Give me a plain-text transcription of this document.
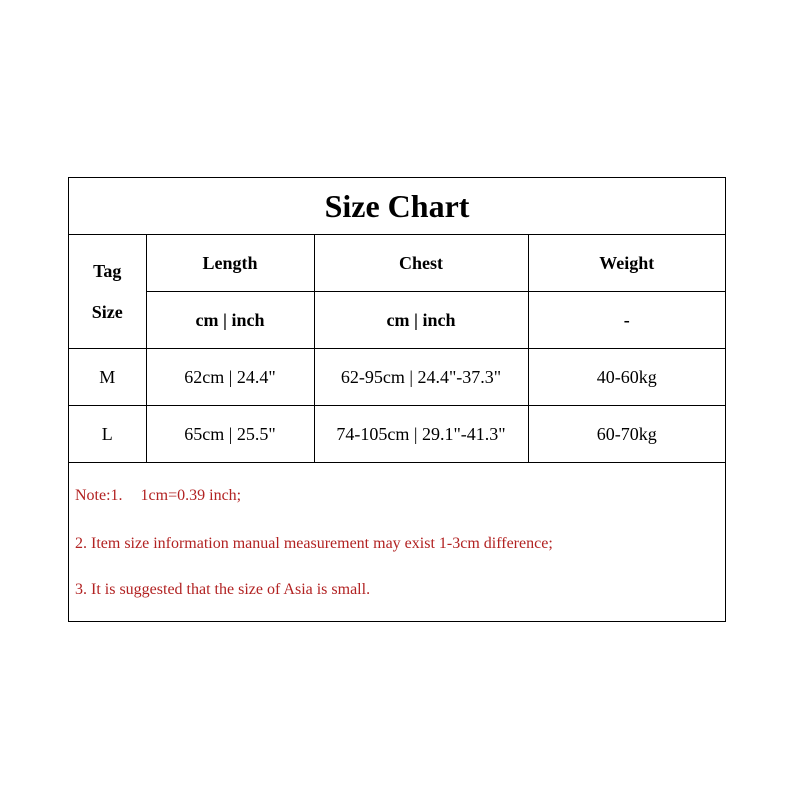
Size Chart
Tag
Size	Length	Chest	Weight
	cm | inch	cm | inch	-
M	62cm | 24.4"	62-95cm | 24.4"-37.3"	40-60kg
L	65cm | 25.5"	74-105cm | 29.1"-41.3"	60-70kg
Note:1. 1cm=0.39 inch;
2. Item size information manual measurement may exist 1-3cm difference;
3. It is suggested that the size of Asia is small.
